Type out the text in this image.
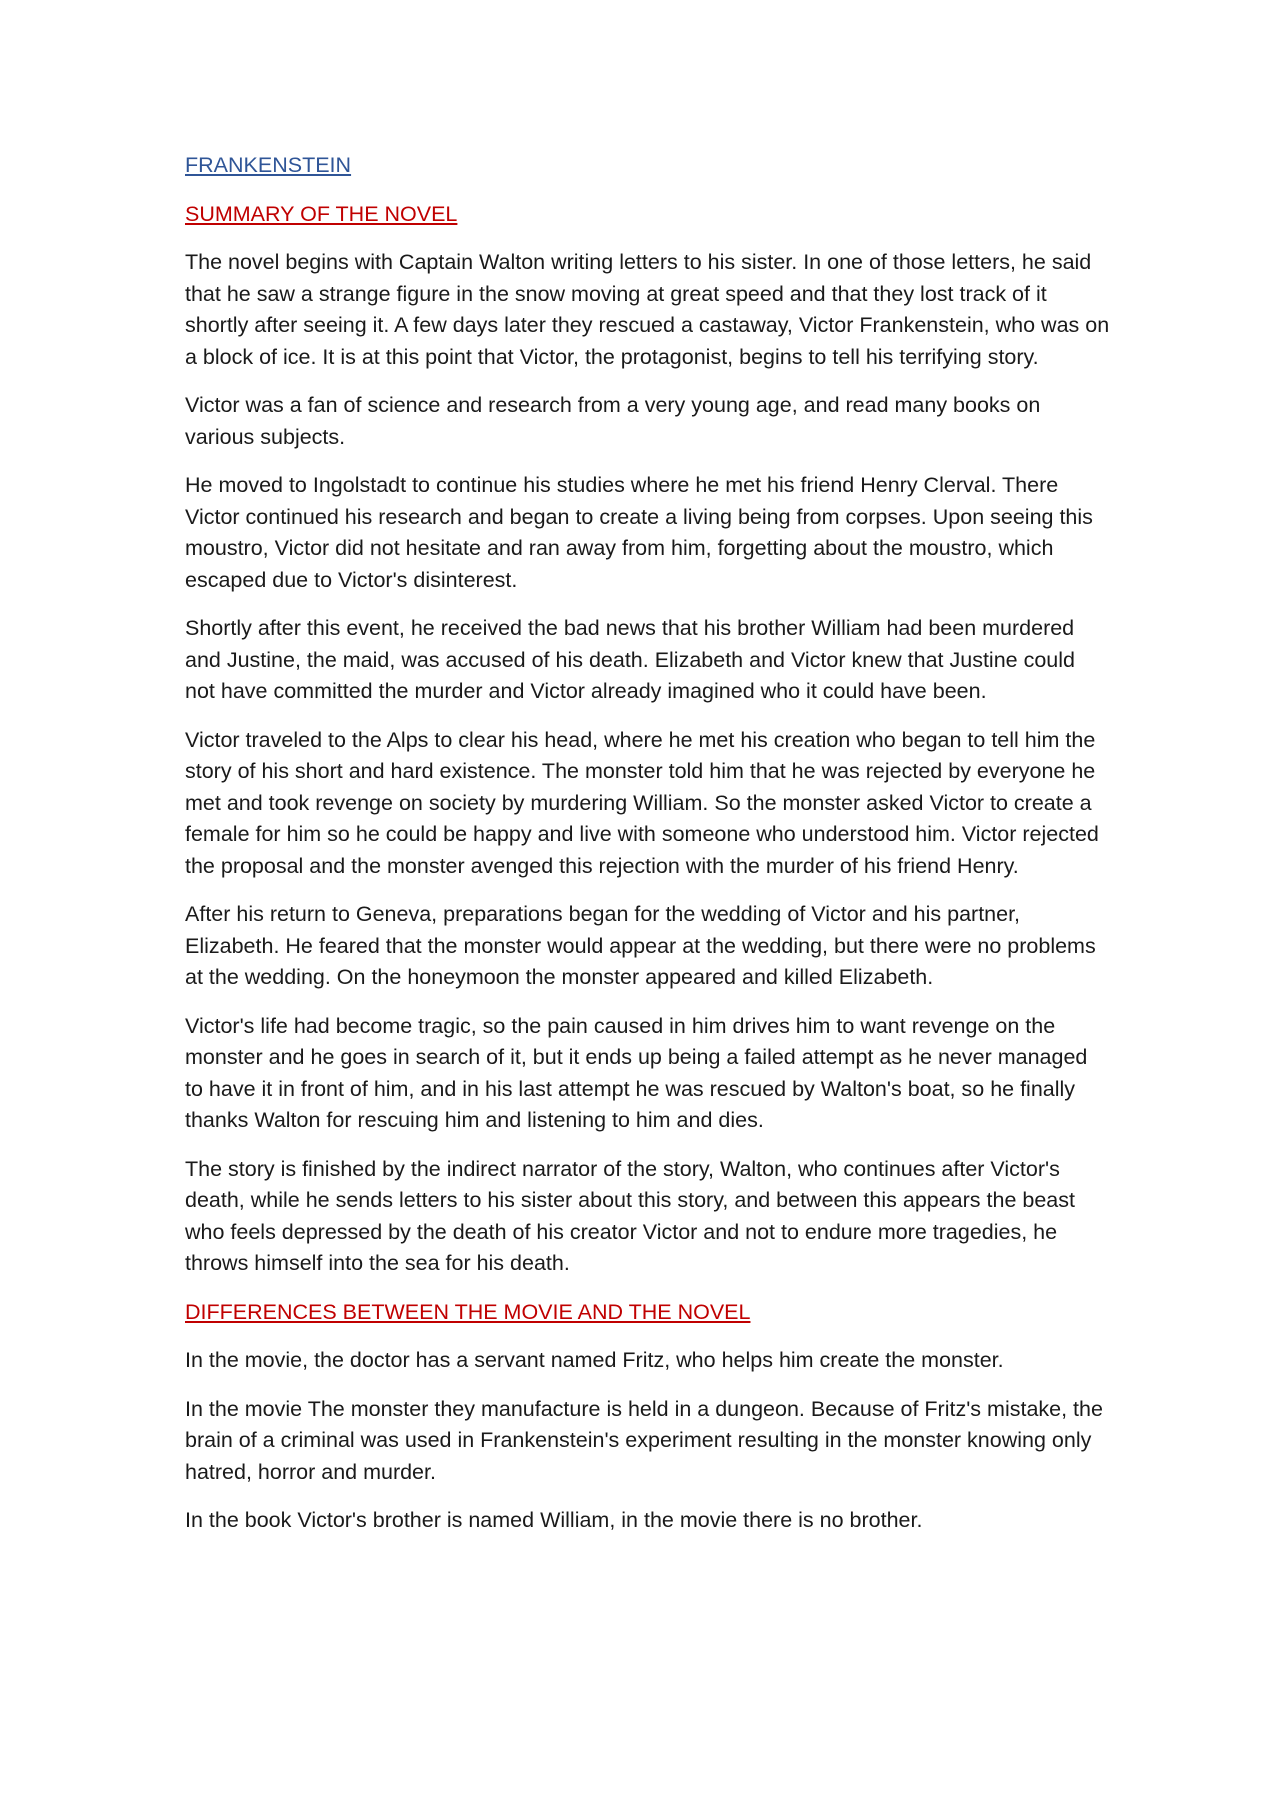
FRANKENSTEIN
SUMMARY OF THE NOVEL

The novel begins with Captain Walton writing letters to his sister. In one of those letters, he said that he saw a strange figure in the snow moving at great speed and that they lost track of it shortly after seeing it. A few days later they rescued a castaway, Victor Frankenstein, who was on a block of ice. It is at this point that Victor, the protagonist, begins to tell his terrifying story.

Victor was a fan of science and research from a very young age, and read many books on various subjects.

He moved to Ingolstadt to continue his studies where he met his friend Henry Clerval. There Victor continued his research and began to create a living being from corpses. Upon seeing this moustro, Victor did not hesitate and ran away from him, forgetting about the moustro, which escaped due to Victor's disinterest.

Shortly after this event, he received the bad news that his brother William had been murdered and Justine, the maid, was accused of his death. Elizabeth and Victor knew that Justine could not have committed the murder and Victor already imagined who it could have been.

Victor traveled to the Alps to clear his head, where he met his creation who began to tell him the story of his short and hard existence. The monster told him that he was rejected by everyone he met and took revenge on society by murdering William. So the monster asked Victor to create a female for him so he could be happy and live with someone who understood him. Victor rejected the proposal and the monster avenged this rejection with the murder of his friend Henry.

After his return to Geneva, preparations began for the wedding of Victor and his partner, Elizabeth. He feared that the monster would appear at the wedding, but there were no problems at the wedding. On the honeymoon the monster appeared and killed Elizabeth.

Victor's life had become tragic, so the pain caused in him drives him to want revenge on the monster and he goes in search of it, but it ends up being a failed attempt as he never managed to have it in front of him, and in his last attempt he was rescued by Walton's boat, so he finally thanks Walton for rescuing him and listening to him and dies.

The story is finished by the indirect narrator of the story, Walton, who continues after Victor's death, while he sends letters to his sister about this story, and between this appears the beast who feels depressed by the death of his creator Victor and not to endure more tragedies, he throws himself into the sea for his death.

DIFFERENCES BETWEEN THE MOVIE AND THE NOVEL

In the movie, the doctor has a servant named Fritz, who helps him create the monster.

In the movie The monster they manufacture is held in a dungeon. Because of Fritz's mistake, the brain of a criminal was used in Frankenstein's experiment resulting in the monster knowing only hatred, horror and murder.

In the book Victor's brother is named William, in the movie there is no brother.
